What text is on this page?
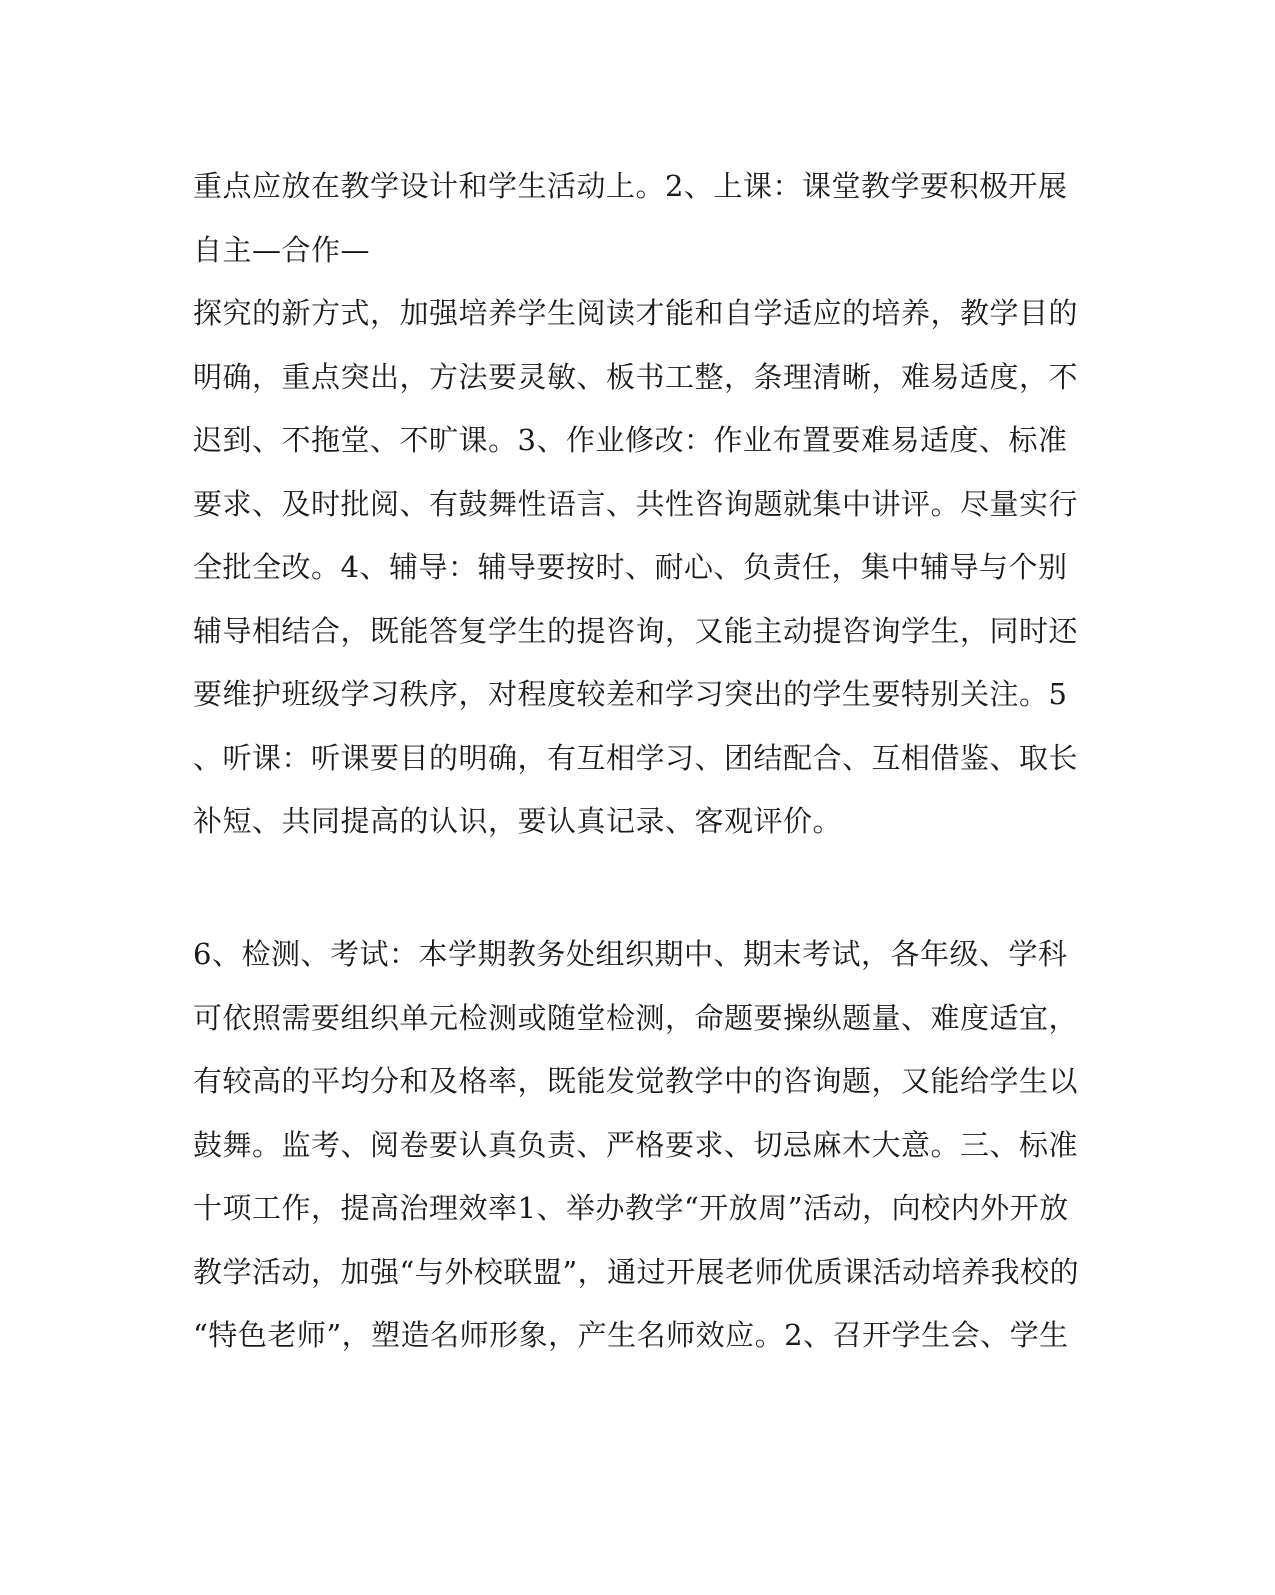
重点应放在教学设计和学生活动上。2、上课：课堂教学要积极开展
自主—合作—
探究的新方式，加强培养学生阅读才能和自学适应的培养，教学目的
明确，重点突出，方法要灵敏、板书工整，条理清晰，难易适度，不
迟到、不拖堂、不旷课。3、作业修改：作业布置要难易适度、标准
要求、及时批阅、有鼓舞性语言、共性咨询题就集中讲评。尽量实行
全批全改。4、辅导：辅导要按时、耐心、负责任，集中辅导与个别
辅导相结合，既能答复学生的提咨询，又能主动提咨询学生，同时还
要维护班级学习秩序，对程度较差和学习突出的学生要特别关注。5
、听课：听课要目的明确，有互相学习、团结配合、互相借鉴、取长
补短、共同提高的认识，要认真记录、客观评价。
6、检测、考试：本学期教务处组织期中、期末考试，各年级、学科
可依照需要组织单元检测或随堂检测，命题要操纵题量、难度适宜，
有较高的平均分和及格率，既能发觉教学中的咨询题，又能给学生以
鼓舞。监考、阅卷要认真负责、严格要求、切忌麻木大意。三、标准
十项工作，提高治理效率1、举办教学“开放周”活动，向校内外开放
教学活动，加强“与外校联盟”，通过开展老师优质课活动培养我校的
“特色老师”，塑造名师形象，产生名师效应。2、召开学生会、学生
